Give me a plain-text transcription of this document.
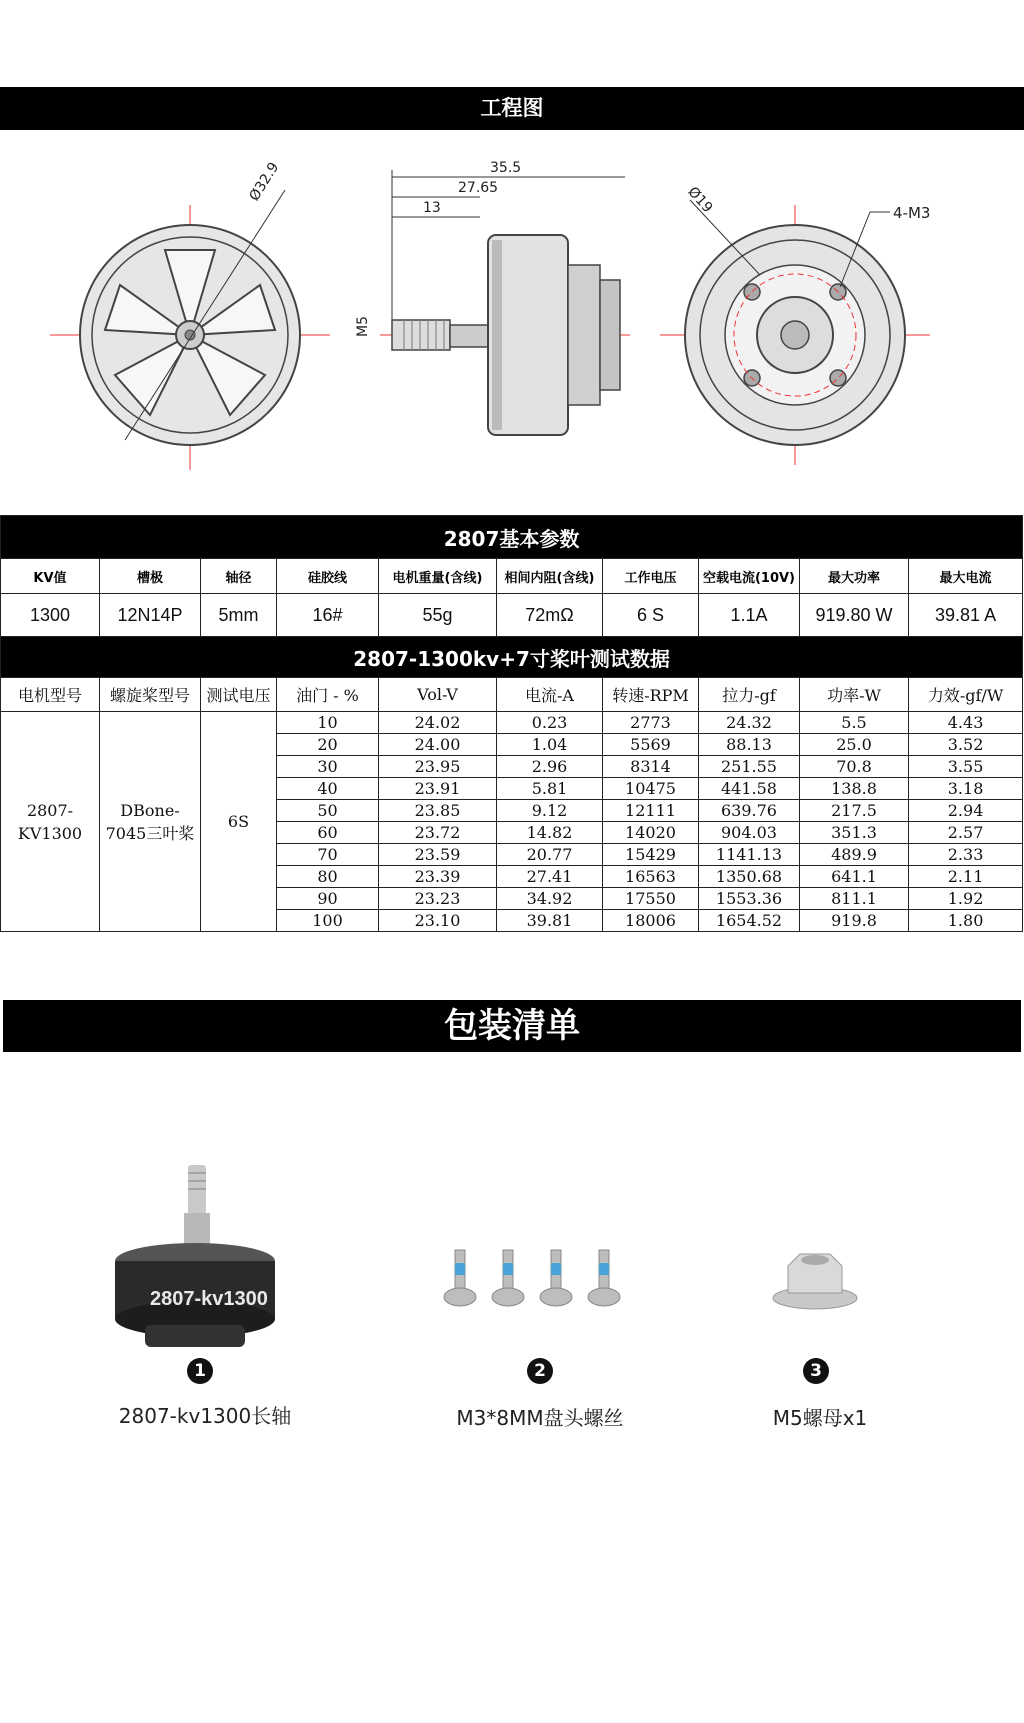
工程图
Ø32.9	35.5
27.65
13
M5
Ø19	4-M3
2807基本参数									
KV值	槽极	轴径	硅胶线	电机重量(含线)	相间内阻(含线)	工作电压	空载电流(10V)	最大功率	最大电流
1300	12N14P	5mm	16#	55g	72mΩ	6 S	1.1A	919.80 W	39.81 A
2807-1300kv+7寸桨叶测试数据									
电机型号	螺旋桨型号	测试电压	油门 - %	Vol-V	电流-A	转速-RPM	拉力-gf	功率-W	力效-gf/W
2807-KV1300	DBone-7045三叶桨	6S	10	24.02	0.23	2773	24.32	5.5	4.43
			20	24.00	1.04	5569	88.13	25.0	3.52
			30	23.95	2.96	8314	251.55	70.8	3.55
			40	23.91	5.81	10475	441.58	138.8	3.18
			50	23.85	9.12	12111	639.76	217.5	2.94
			60	23.72	14.82	14020	904.03	351.3	2.57
			70	23.59	20.77	15429	1141.13	489.9	2.33
			80	23.39	27.41	16563	1350.68	641.1	2.11
			90	23.23	34.92	17550	1553.36	811.1	1.92
			100	23.10	39.81	18006	1654.52	919.8	1.80
包装清单
2807-kv1300
1
2807-kv1300长轴
2
M3*8MM盘头螺丝
3
M5螺母x1
